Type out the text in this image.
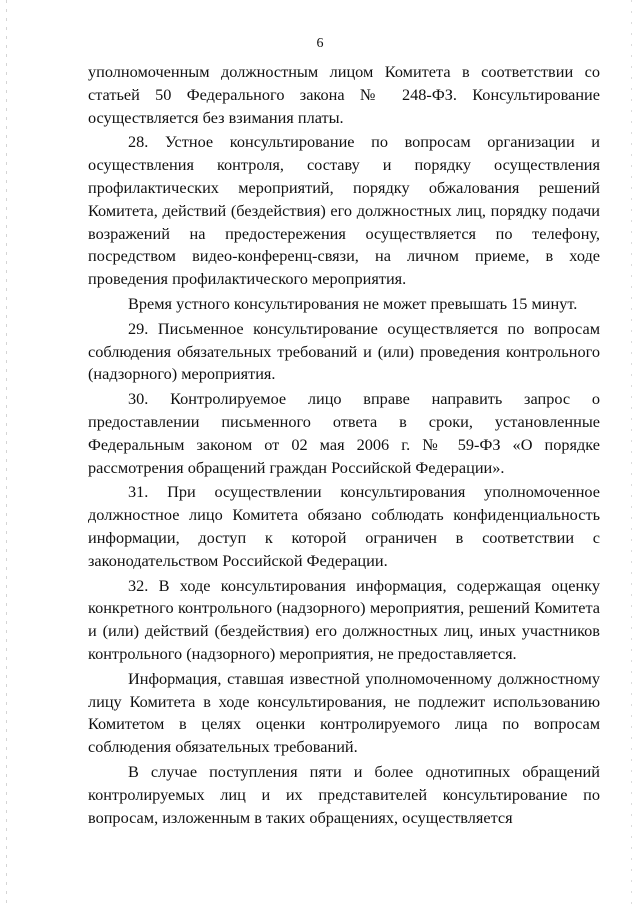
6

уполномоченным должностным лицом Комитета в соответствии со статьей 50 Федерального закона № 248-ФЗ. Консультирование осуществляется без взимания платы.

28. Устное консультирование по вопросам организации и осуществления контроля, составу и порядку осуществления профилактических мероприятий, порядку обжалования решений Комитета, действий (бездействия) его должностных лиц, порядку подачи возражений на предостережения осуществляется по телефону, посредством видео-конференц-связи, на личном приеме, в ходе проведения профилактического мероприятия.

Время устного консультирования не может превышать 15 минут.

29. Письменное консультирование осуществляется по вопросам соблюдения обязательных требований и (или) проведения контрольного (надзорного) мероприятия.

30. Контролируемое лицо вправе направить запрос о предоставлении письменного ответа в сроки, установленные Федеральным законом от 02 мая 2006 г. № 59-ФЗ «О порядке рассмотрения обращений граждан Российской Федерации».

31. При осуществлении консультирования уполномоченное должностное лицо Комитета обязано соблюдать конфиденциальность информации, доступ к которой ограничен в соответствии с законодательством Российской Федерации.

32. В ходе консультирования информация, содержащая оценку конкретного контрольного (надзорного) мероприятия, решений Комитета и (или) действий (бездействия) его должностных лиц, иных участников контрольного (надзорного) мероприятия, не предоставляется.

Информация, ставшая известной уполномоченному должностному лицу Комитета в ходе консультирования, не подлежит использованию Комитетом в целях оценки контролируемого лица по вопросам соблюдения обязательных требований.

В случае поступления пяти и более однотипных обращений контролируемых лиц и их представителей консультирование по вопросам, изложенным в таких обращениях, осуществляется
